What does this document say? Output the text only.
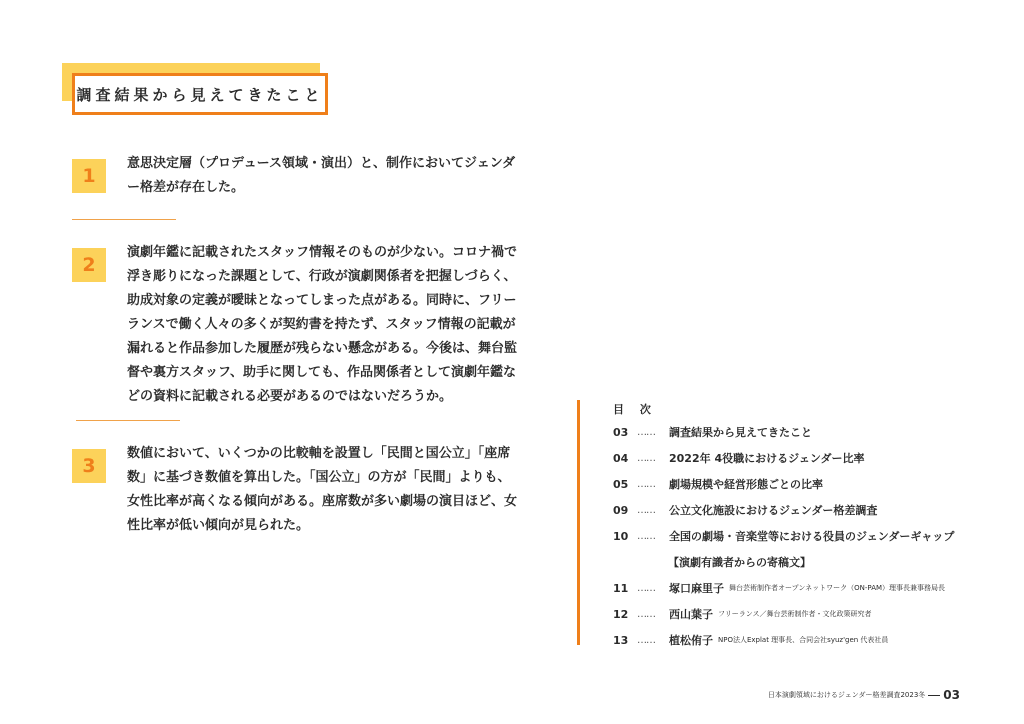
調査結果から見えてきたこと
1
意思決定層（プロデュース領域・演出）と、制作においてジェンダー格差が存在した。
2
演劇年鑑に記載されたスタッフ情報そのものが少ない。コロナ禍で浮き彫りになった課題として、行政が演劇関係者を把握しづらく、助成対象の定義が曖昧となってしまった点がある。同時に、フリーランスで働く人々の多くが契約書を持たず、スタッフ情報の記載が漏れると作品参加した履歴が残らない懸念がある。今後は、舞台監督や裏方スタッフ、助手に関しても、作品関係者として演劇年鑑などの資料に記載される必要があるのではないだろうか。
3
数値において、いくつかの比較軸を設置し「民間と国公立」「座席数」に基づき数値を算出した。「国公立」の方が「民間」よりも、女性比率が高くなる傾向がある。座席数が多い劇場の演目ほど、女性比率が低い傾向が見られた。
目 次
03 ……	調査結果から見えてきたこと
04 ……	2022年 4役職におけるジェンダー比率
05 ……	劇場規模や経営形態ごとの比率
09 ……	公立文化施設におけるジェンダー格差調査
10 ……	全国の劇場・音楽堂等における役員のジェンダーギャップ
【演劇有識者からの寄稿文】
11 ……	塚口麻里子 舞台芸術制作者オープンネットワーク（ON-PAM）理事長兼事務局長
12 ……	西山葉子 フリーランス／舞台芸術制作者・文化政策研究者
13 ……	植松侑子 NPO法人Explat 理事長、合同会社syuz'gen 代表社員
日本演劇領域におけるジェンダー格差調査2023冬 03
